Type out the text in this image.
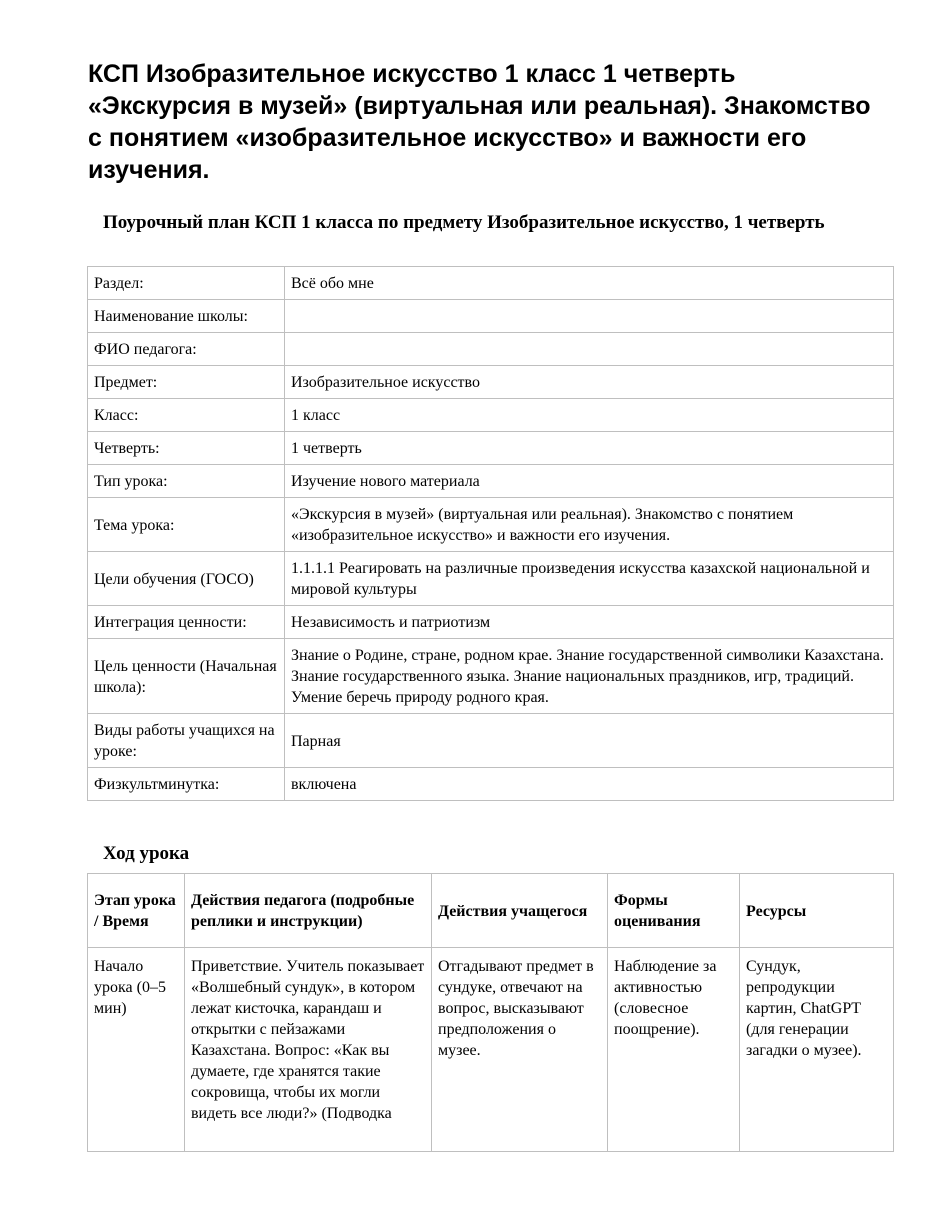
КСП Изобразительное искусство 1 класс 1 четверть «Экскурсия в музей» (виртуальная или реальная). Знакомство с понятием «изобразительное искусство» и важности его изучения.
Поурочный план КСП 1 класса по предмету Изобразительное искусство, 1 четверть
Раздел:	Всё обо мне
Наименование школы:	
ФИО педагога:	
Предмет:	Изобразительное искусство
Класс:	1 класс
Четверть:	1 четверть
Тип урока:	Изучение нового материала
Тема урока:	«Экскурсия в музей» (виртуальная или реальная). Знакомство с понятием «изобразительное искусство» и важности его изучения.
Цели обучения (ГОСО)	1.1.1.1 Реагировать на различные произведения искусства казахской национальной и мировой культуры
Интеграция ценности:	Независимость и патриотизм
Цель ценности (Начальная школа):	Знание о Родине, стране, родном крае. Знание государственной символики Казахстана. Знание государственного языка. Знание национальных праздников, игр, традиций. Умение беречь природу родного края.
Виды работы учащихся на уроке:	Парная
Физкультминутка:	включена
Ход урока
Этап урока / Время	Действия педагога (подробные реплики и инструкции)	Действия учащегося	Формы оценивания	Ресурсы
Начало урока (0–5 мин)	Приветствие. Учитель показывает «Волшебный сундук», в котором лежат кисточка, карандаш и открытки с пейзажами Казахстана. Вопрос: «Как вы думаете, где хранятся такие сокровища, чтобы их могли видеть все люди?» (Подводка	Отгадывают предмет в сундуке, отвечают на вопрос, высказывают предположения о музее.	Наблюдение за активностью (словесное поощрение).	Сундук, репродукции картин, ChatGPT (для генерации загадки о музее).
